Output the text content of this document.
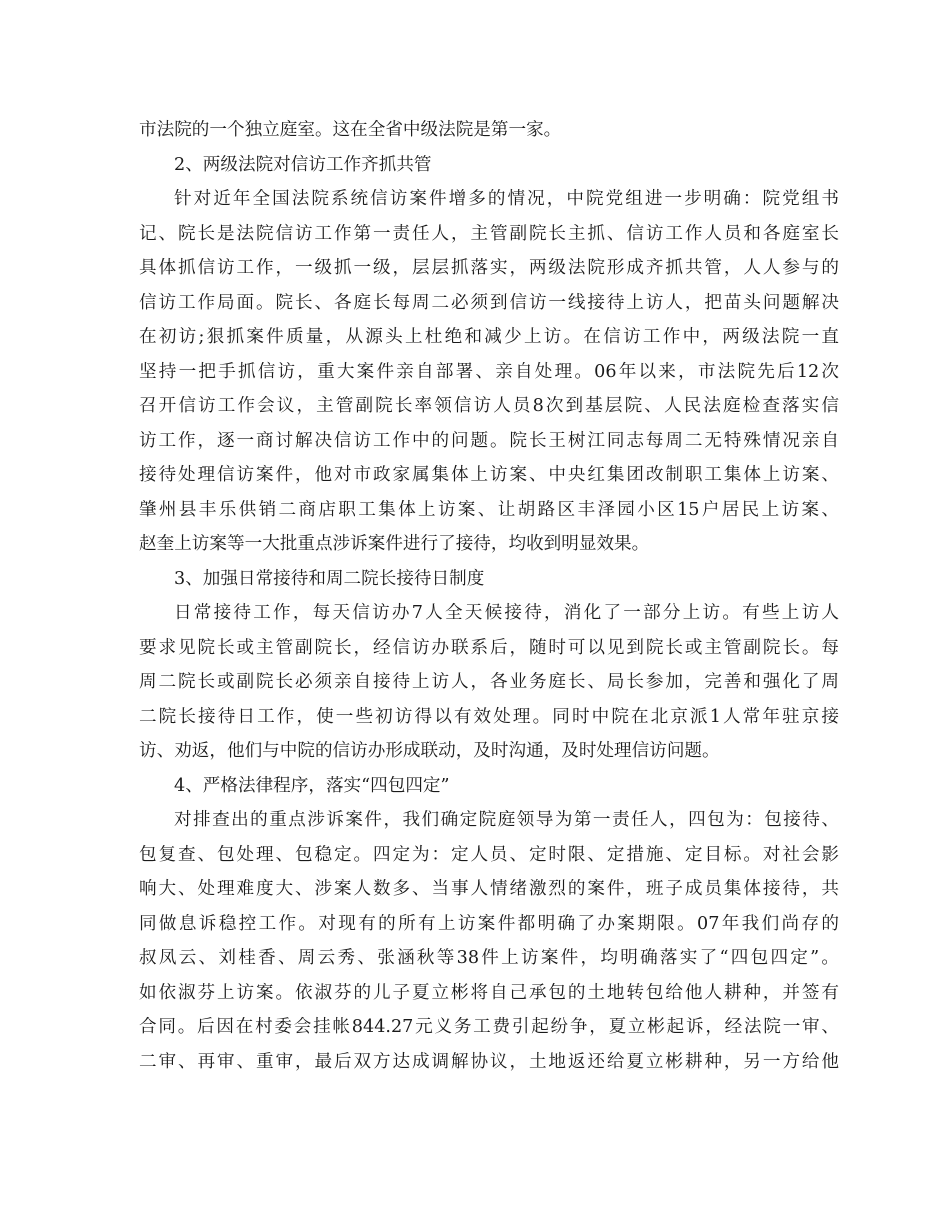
市法院的一个独立庭室。这在全省中级法院是第一家。
2、两级法院对信访工作齐抓共管
针对近年全国法院系统信访案件增多的情况，中院党组进一步明确：院党组书
记、院长是法院信访工作第一责任人，主管副院长主抓、信访工作人员和各庭室长
具体抓信访工作，一级抓一级，层层抓落实，两级法院形成齐抓共管，人人参与的
信访工作局面。院长、各庭长每周二必须到信访一线接待上访人，把苗头问题解决
在初访;狠抓案件质量，从源头上杜绝和减少上访。在信访工作中，两级法院一直
坚持一把手抓信访，重大案件亲自部署、亲自处理。06年以来，市法院先后12次
召开信访工作会议，主管副院长率领信访人员8次到基层院、人民法庭检查落实信
访工作，逐一商讨解决信访工作中的问题。院长王树江同志每周二无特殊情况亲自
接待处理信访案件，他对市政家属集体上访案、中央红集团改制职工集体上访案、
肇州县丰乐供销二商店职工集体上访案、让胡路区丰泽园小区15户居民上访案、
赵奎上访案等一大批重点涉诉案件进行了接待，均收到明显效果。
3、加强日常接待和周二院长接待日制度
日常接待工作，每天信访办7人全天候接待，消化了一部分上访。有些上访人
要求见院长或主管副院长，经信访办联系后，随时可以见到院长或主管副院长。每
周二院长或副院长必须亲自接待上访人，各业务庭长、局长参加，完善和强化了周
二院长接待日工作，使一些初访得以有效处理。同时中院在北京派1人常年驻京接
访、劝返，他们与中院的信访办形成联动，及时沟通，及时处理信访问题。
4、严格法律程序，落实“四包四定”
对排查出的重点涉诉案件，我们确定院庭领导为第一责任人，四包为：包接待、
包复查、包处理、包稳定。四定为：定人员、定时限、定措施、定目标。对社会影
响大、处理难度大、涉案人数多、当事人情绪激烈的案件，班子成员集体接待，共
同做息诉稳控工作。对现有的所有上访案件都明确了办案期限。07年我们尚存的
叔凤云、刘桂香、周云秀、张涵秋等38件上访案件，均明确落实了“四包四定”。
如依淑芬上访案。依淑芬的儿子夏立彬将自己承包的土地转包给他人耕种，并签有
合同。后因在村委会挂帐844.27元义务工费引起纷争，夏立彬起诉，经法院一审、
二审、再审、重审，最后双方达成调解协议，土地返还给夏立彬耕种，另一方给他
